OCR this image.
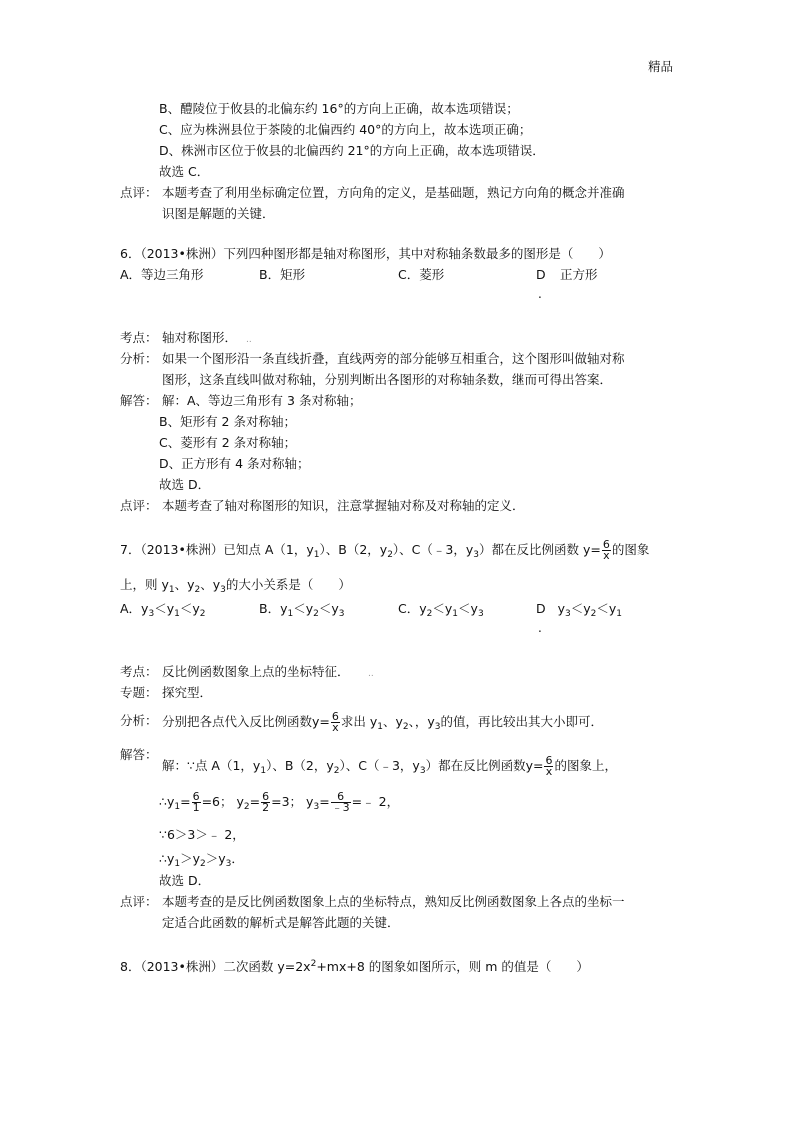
精品
B、醴陵位于攸县的北偏东约 16°的方向上正确，故本选项错误；
C、应为株洲县位于茶陵的北偏西约 40°的方向上，故本选项正确；
D、株洲市区位于攸县的北偏西约 21°的方向上正确，故本选项错误．
故选 C．
点评： 本题考查了利用坐标确定位置，方向角的定义，是基础题，熟记方向角的概念并准确
识图是解题的关键．
6．（2013•株洲）下列四种图形都是轴对称图形，其中对称轴条数最多的图形是（　　）
A．等边三角形	B．矩形	C．菱形	D 正方形
.
考点： 轴对称图形． ..
分析： 如果一个图形沿一条直线折叠，直线两旁的部分能够互相重合，这个图形叫做轴对称
图形，这条直线叫做对称轴，分别判断出各图形的对称轴条数，继而可得出答案．
解答： 解：A、等边三角形有 3 条对称轴；
B、矩形有 2 条对称轴；
C、菱形有 2 条对称轴；
D、正方形有 4 条对称轴；
故选 D．
点评： 本题考查了轴对称图形的知识，注意掌握轴对称及对称轴的定义．
7．（2013•株洲）已知点 A（1，$y_1$）、B（2，$y_2$）、C（﹣3，$y_3$）都在反比例函数 $y= \frac{6}{x}$ 的图象
上，则 $y_1$、$y_2$、$y_3$的大小关系是（　　）
A．$y_3<y_1<y_2$	B．$y_1<y_2<y_3$	C．$y_2<y_1<y_3$	D $y_3<y_2<y_1$
.
考点： 反比例函数图象上点的坐标特征． ..
专题： 探究型．
分析： 分别把各点代入反比例函数$y= \frac{6}{x}$ 求出 $y_1$、$y_2$、，$y_3$的值，再比较出其大小即可．
解答：
解：∵点 A（1，$y_1$）、B（2，$y_2$）、C（﹣3，$y_3$）都在反比例函数$y= \frac{6}{x}$ 的图象上，
$\therefore y_1= \frac{6}{1} =6$； $y_2= \frac{6}{2} =3$； $y_3= \frac{6}{﹣3}$ =﹣ 2，
∵6＞3＞﹣ 2，
$\therefore y_1>y_2>y_3$．
故选 D．
点评： 本题考查的是反比例函数图象上点的坐标特点，熟知反比例函数图象上各点的坐标一
定适合此函数的解析式是解答此题的关键．
8．（2013•株洲）二次函数 $y=2x^2+mx+8$ 的图象如图所示，则 m 的值是（　　）
